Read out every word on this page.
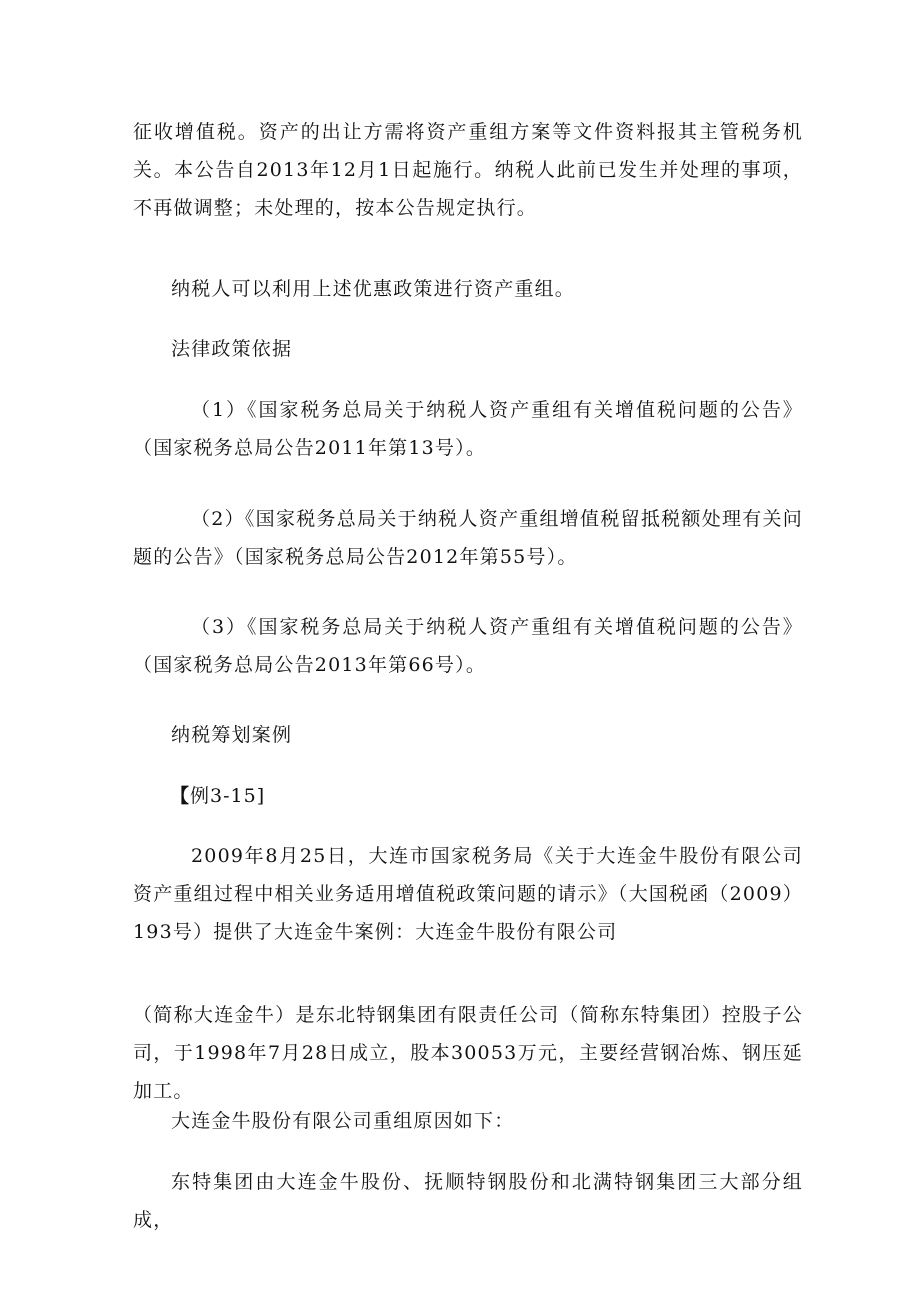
征收增值税。资产的出让方需将资产重组方案等文件资料报其主管税务机关。本公告自2013年12月1日起施行。纳税人此前已发生并处理的事项，不再做调整；未处理的，按本公告规定执行。

纳税人可以利用上述优惠政策进行资产重组。

法律政策依据

（1）《国家税务总局关于纳税人资产重组有关增值税问题的公告》（国家税务总局公告2011年第13号）。

（2）《国家税务总局关于纳税人资产重组增值税留抵税额处理有关问题的公告》（国家税务总局公告2012年第55号）。

（3）《国家税务总局关于纳税人资产重组有关增值税问题的公告》（国家税务总局公告2013年第66号）。

纳税筹划案例

【例3-15]

2009年8月25日，大连市国家税务局《关于大连金牛股份有限公司资产重组过程中相关业务适用增值税政策问题的请示》（大国税函（2009）193号）提供了大连金牛案例：大连金牛股份有限公司

（简称大连金牛）是东北特钢集团有限责任公司（简称东特集团）控股子公司，于1998年7月28日成立，股本30053万元，主要经营钢冶炼、钢压延加工。

大连金牛股份有限公司重组原因如下：

东特集团由大连金牛股份、抚顺特钢股份和北满特钢集团三大部分组成，
